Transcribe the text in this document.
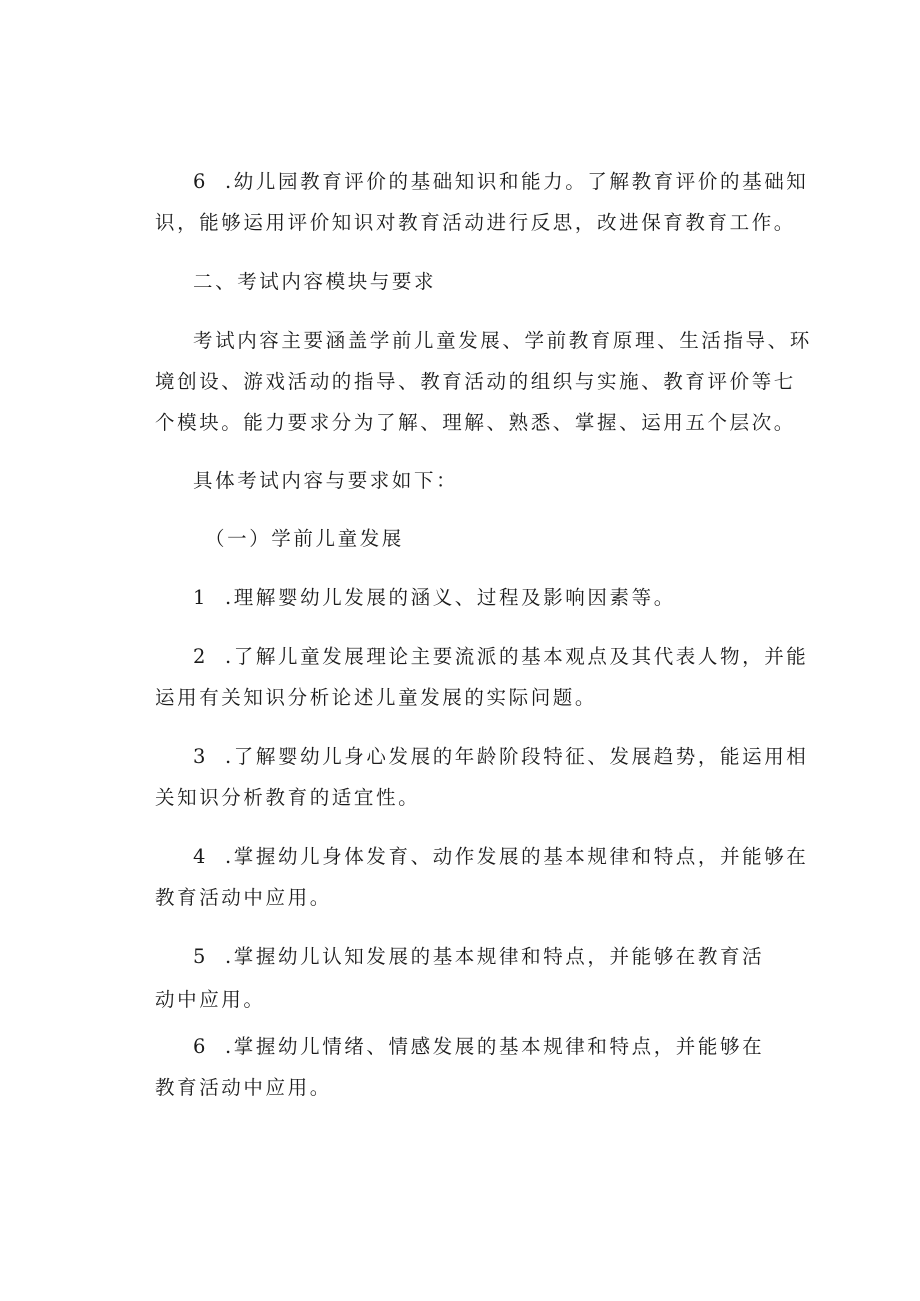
6 .幼儿园教育评价的基础知识和能力。了解教育评价的基础知
识，能够运用评价知识对教育活动进行反思，改进保育教育工作。
二、考试内容模块与要求
考试内容主要涵盖学前儿童发展、学前教育原理、生活指导、环
境创设、游戏活动的指导、教育活动的组织与实施、教育评价等七
个模块。能力要求分为了解、理解、熟悉、掌握、运用五个层次。
具体考试内容与要求如下：
（一）学前儿童发展
1 .理解婴幼儿发展的涵义、过程及影响因素等。
2 .了解儿童发展理论主要流派的基本观点及其代表人物，并能
运用有关知识分析论述儿童发展的实际问题。
3 .了解婴幼儿身心发展的年龄阶段特征、发展趋势，能运用相
关知识分析教育的适宜性。
4 .掌握幼儿身体发育、动作发展的基本规律和特点，并能够在
教育活动中应用。
5 .掌握幼儿认知发展的基本规律和特点，并能够在教育活
动中应用。
6 .掌握幼儿情绪、情感发展的基本规律和特点，并能够在
教育活动中应用。
